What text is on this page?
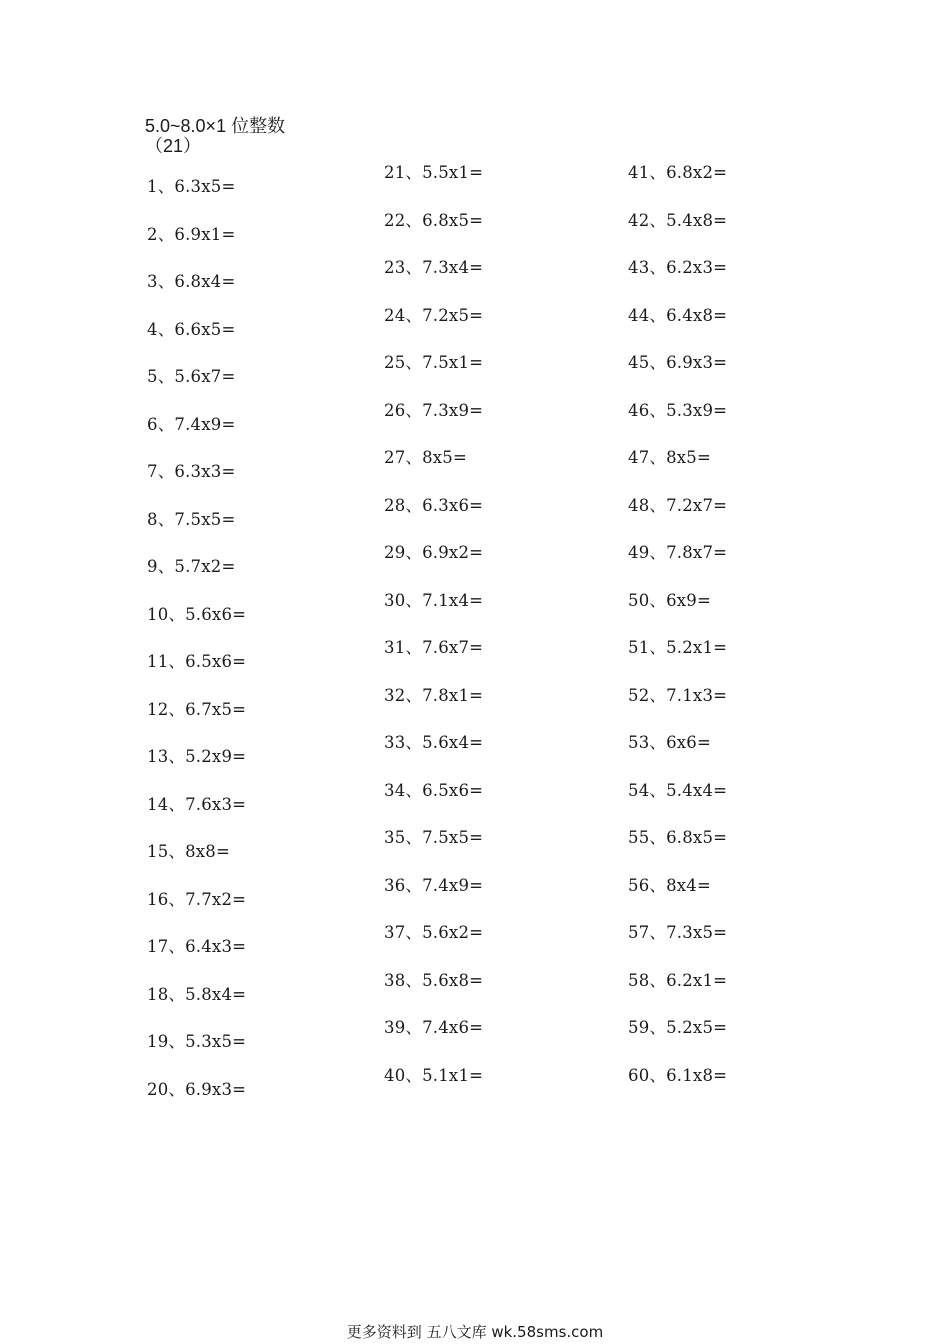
5.0~8.0×1 位整数（21）
1、6.3x5=
2、6.9x1=
3、6.8x4=
4、6.6x5=
5、5.6x7=
6、7.4x9=
7、6.3x3=
8、7.5x5=
9、5.7x2=
10、5.6x6=
11、6.5x6=
12、6.7x5=
13、5.2x9=
14、7.6x3=
15、8x8=
16、7.7x2=
17、6.4x3=
18、5.8x4=
19、5.3x5=
20、6.9x3=
21、5.5x1=
22、6.8x5=
23、7.3x4=
24、7.2x5=
25、7.5x1=
26、7.3x9=
27、8x5=
28、6.3x6=
29、6.9x2=
30、7.1x4=
31、7.6x7=
32、7.8x1=
33、5.6x4=
34、6.5x6=
35、7.5x5=
36、7.4x9=
37、5.6x2=
38、5.6x8=
39、7.4x6=
40、5.1x1=
41、6.8x2=
42、5.4x8=
43、6.2x3=
44、6.4x8=
45、6.9x3=
46、5.3x9=
47、8x5=
48、7.2x7=
49、7.8x7=
50、6x9=
51、5.2x1=
52、7.1x3=
53、6x6=
54、5.4x4=
55、6.8x5=
56、8x4=
57、7.3x5=
58、6.2x1=
59、5.2x5=
60、6.1x8=
更多资料到 五八文库 wk.58sms.com
